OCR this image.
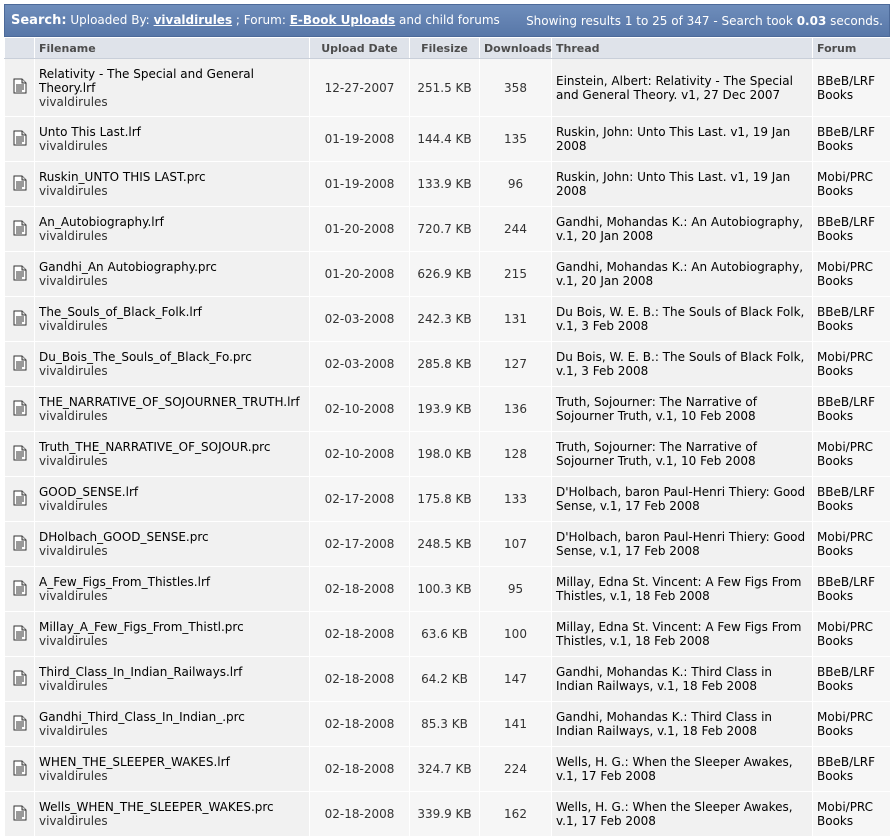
Search: Uploaded By: vivaldirules ; Forum: E-Book Uploads and child forums Showing results 1 to 25 of 347 - Search took 0.03 seconds.
	Filename	Upload Date	Filesize	Downloads	Thread	Forum
	Relativity - The Special and General Theory.lrf
vivaldirules	12-27-2007	251.5 KB	358	Einstein, Albert: Relativity - The Special and General Theory. v1, 27 Dec 2007	BBeB/LRF Books
	Unto This Last.lrf
vivaldirules	01-19-2008	144.4 KB	135	Ruskin, John: Unto This Last. v1, 19 Jan 2008	BBeB/LRF Books
	Ruskin_UNTO THIS LAST.prc
vivaldirules	01-19-2008	133.9 KB	96	Ruskin, John: Unto This Last. v1, 19 Jan 2008	Mobi/PRC Books
	An_Autobiography.lrf
vivaldirules	01-20-2008	720.7 KB	244	Gandhi, Mohandas K.: An Autobiography, v.1, 20 Jan 2008	BBeB/LRF Books
	Gandhi_An Autobiography.prc
vivaldirules	01-20-2008	626.9 KB	215	Gandhi, Mohandas K.: An Autobiography, v.1, 20 Jan 2008	Mobi/PRC Books
	The_Souls_of_Black_Folk.lrf
vivaldirules	02-03-2008	242.3 KB	131	Du Bois, W. E. B.: The Souls of Black Folk, v.1, 3 Feb 2008	BBeB/LRF Books
	Du_Bois_The_Souls_of_Black_Fo.prc
vivaldirules	02-03-2008	285.8 KB	127	Du Bois, W. E. B.: The Souls of Black Folk, v.1, 3 Feb 2008	Mobi/PRC Books
	THE_NARRATIVE_OF_SOJOURNER_TRUTH.lrf
vivaldirules	02-10-2008	193.9 KB	136	Truth, Sojourner: The Narrative of Sojourner Truth, v.1, 10 Feb 2008	BBeB/LRF Books
	Truth_THE_NARRATIVE_OF_SOJOUR.prc
vivaldirules	02-10-2008	198.0 KB	128	Truth, Sojourner: The Narrative of Sojourner Truth, v.1, 10 Feb 2008	Mobi/PRC Books
	GOOD_SENSE.lrf
vivaldirules	02-17-2008	175.8 KB	133	D'Holbach, baron Paul-Henri Thiery: Good Sense, v.1, 17 Feb 2008	BBeB/LRF Books
	DHolbach_GOOD_SENSE.prc
vivaldirules	02-17-2008	248.5 KB	107	D'Holbach, baron Paul-Henri Thiery: Good Sense, v.1, 17 Feb 2008	Mobi/PRC Books
	A_Few_Figs_From_Thistles.lrf
vivaldirules	02-18-2008	100.3 KB	95	Millay, Edna St. Vincent: A Few Figs From Thistles, v.1, 18 Feb 2008	BBeB/LRF Books
	Millay_A_Few_Figs_From_Thistl.prc
vivaldirules	02-18-2008	63.6 KB	100	Millay, Edna St. Vincent: A Few Figs From Thistles, v.1, 18 Feb 2008	Mobi/PRC Books
	Third_Class_In_Indian_Railways.lrf
vivaldirules	02-18-2008	64.2 KB	147	Gandhi, Mohandas K.: Third Class in Indian Railways, v.1, 18 Feb 2008	BBeB/LRF Books
	Gandhi_Third_Class_In_Indian_.prc
vivaldirules	02-18-2008	85.3 KB	141	Gandhi, Mohandas K.: Third Class in Indian Railways, v.1, 18 Feb 2008	Mobi/PRC Books
	WHEN_THE_SLEEPER_WAKES.lrf
vivaldirules	02-18-2008	324.7 KB	224	Wells, H. G.: When the Sleeper Awakes, v.1, 17 Feb 2008	BBeB/LRF Books
	Wells_WHEN_THE_SLEEPER_WAKES.prc
vivaldirules	02-18-2008	339.9 KB	162	Wells, H. G.: When the Sleeper Awakes, v.1, 17 Feb 2008	Mobi/PRC Books
